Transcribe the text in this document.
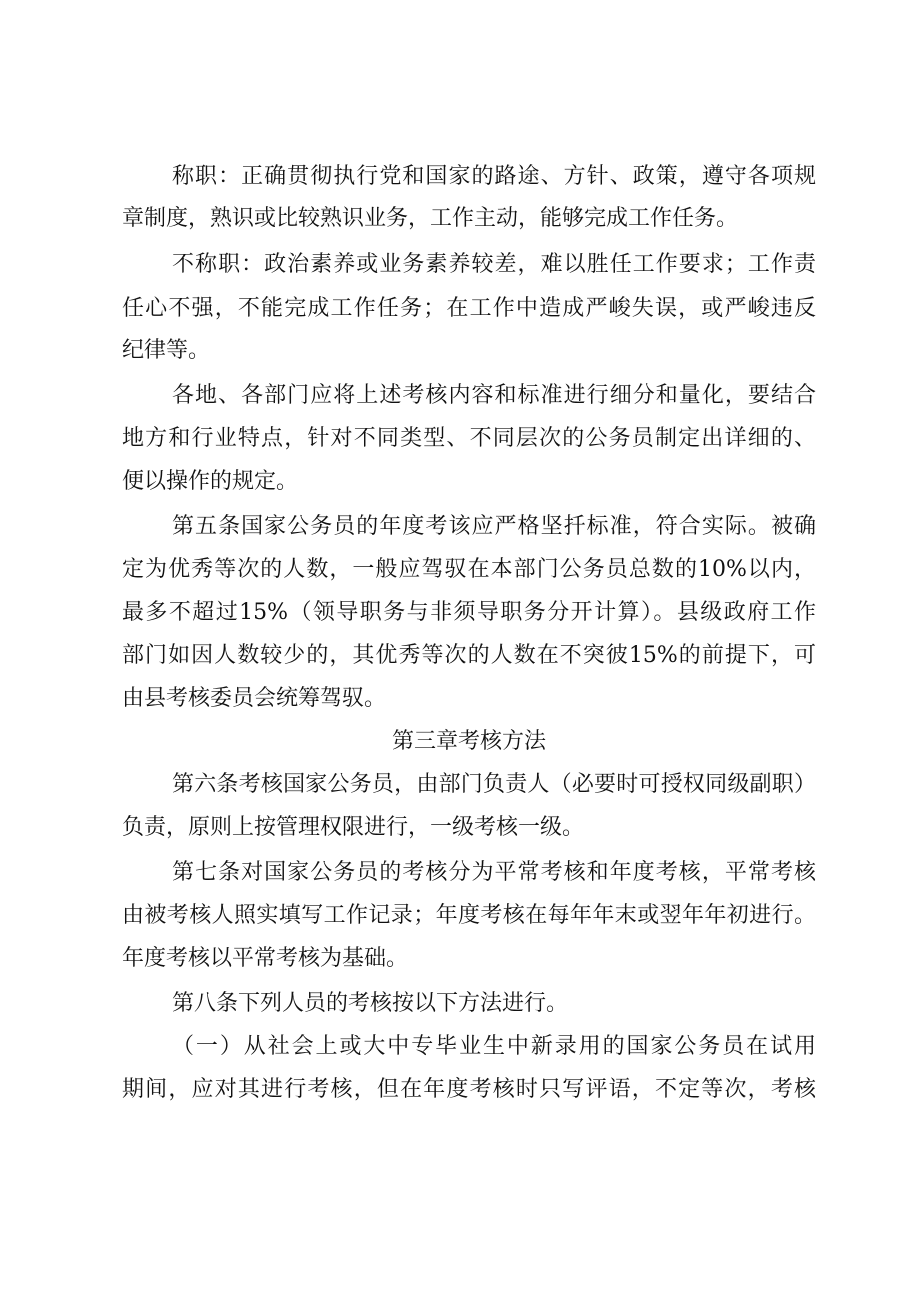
称职：正确贯彻执行党和国家的路途、方针、政策，遵守各项规
章制度，熟识或比较熟识业务，工作主动，能够完成工作任务。
不称职：政治素养或业务素养较差，难以胜任工作要求；工作责
任心不强，不能完成工作任务；在工作中造成严峻失误，或严峻违反
纪律等。
各地、各部门应将上述考核内容和标准进行细分和量化，要结合
地方和行业特点，针对不同类型、不同层次的公务员制定出详细的、
便以操作的规定。
第五条国家公务员的年度考该应严格坚扦标准，符合实际。被确
定为优秀等次的人数，一般应驾驭在本部门公务员总数的10%以内，
最多不超过15%（领导职务与非须导职务分开计算）。县级政府工作
部门如因人数较少的，其优秀等次的人数在不突彼15%的前提下，可
由县考核委员会统筹驾驭。
第三章考核方法
第六条考核国家公务员，由部门负责人（必要时可授权同级副职）
负责，原则上按管理权限进行，一级考核一级。
第七条对国家公务员的考核分为平常考核和年度考核，平常考核
由被考核人照实填写工作记录；年度考核在每年年末或翌年年初进行。
年度考核以平常考核为基础。
第八条下列人员的考核按以下方法进行。
（一）从社会上或大中专毕业生中新录用的国家公务员在试用
期间，应对其进行考核，但在年度考核时只写评语，不定等次，考核
